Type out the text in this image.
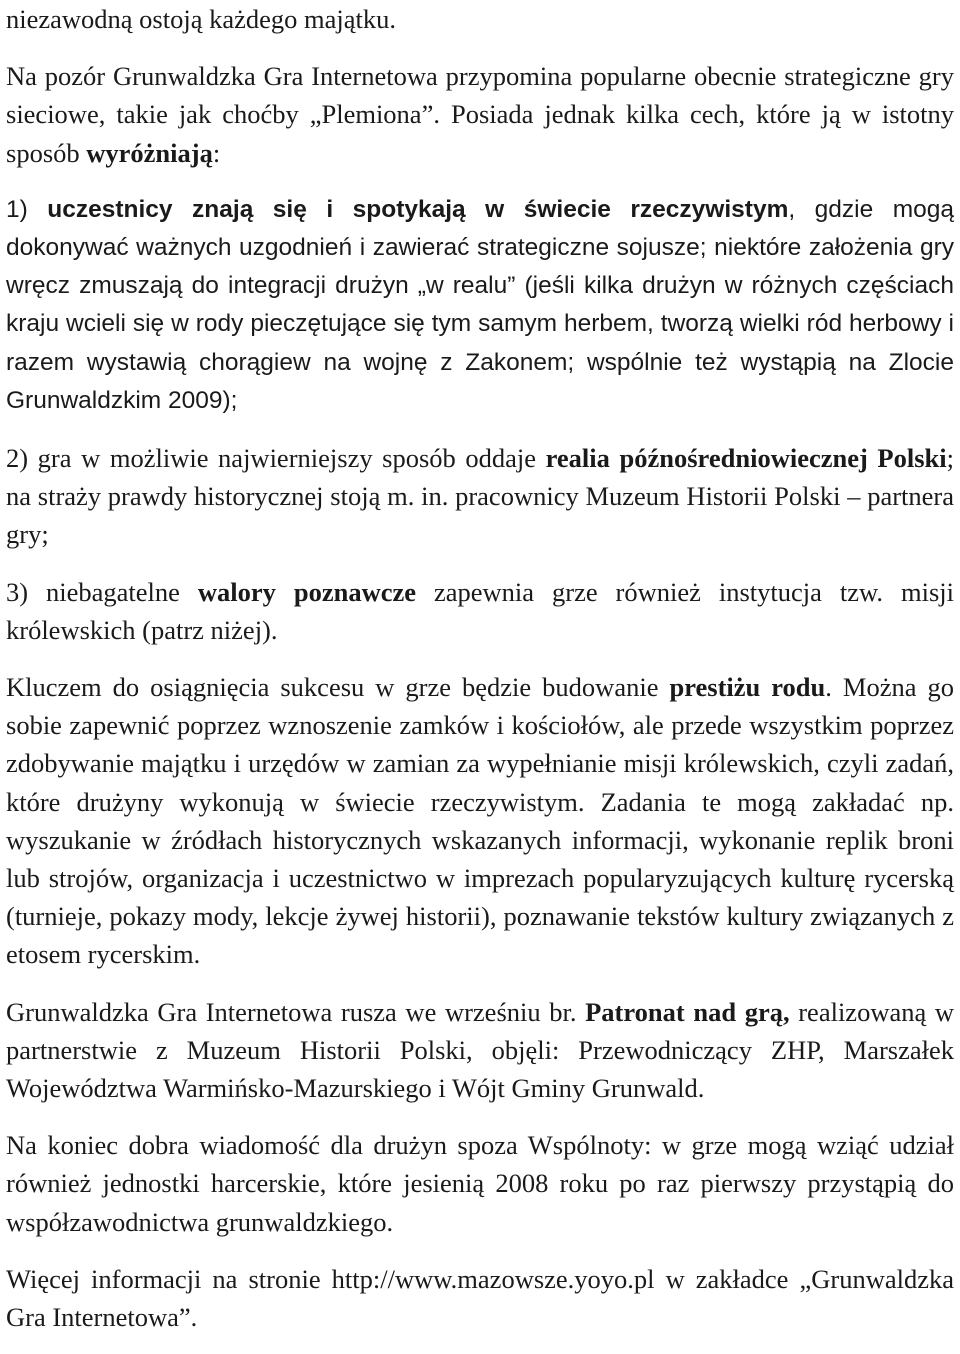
niezawodną ostoją każdego majątku.

Na pozór Grunwaldzka Gra Internetowa przypomina popularne obecnie strategiczne gry sieciowe, takie jak choćby „Plemiona”. Posiada jednak kilka cech, które ją w istotny sposób wyróżniają:

1) uczestnicy znają się i spotykają w świecie rzeczywistym, gdzie mogą dokonywać ważnych uzgodnień i zawierać strategiczne sojusze; niektóre założenia gry wręcz zmuszają do integracji drużyn „w realu” (jeśli kilka drużyn w różnych częściach kraju wcieli się w rody pieczętujące się tym samym herbem, tworzą wielki ród herbowy i razem wystawią chorągiew na wojnę z Zakonem; wspólnie też wystąpią na Zlocie Grunwaldzkim 2009);

2) gra w możliwie najwierniejszy sposób oddaje realia późnośredniowiecznej Polski; na straży prawdy historycznej stoją m. in. pracownicy Muzeum Historii Polski – partnera gry;

3) niebagatelne walory poznawcze zapewnia grze również instytucja tzw. misji królewskich (patrz niżej).

Kluczem do osiągnięcia sukcesu w grze będzie budowanie prestiżu rodu. Można go sobie zapewnić poprzez wznoszenie zamków i kościołów, ale przede wszystkim poprzez zdobywanie majątku i urzędów w zamian za wypełnianie misji królewskich, czyli zadań, które drużyny wykonują w świecie rzeczywistym. Zadania te mogą zakładać np. wyszukanie w źródłach historycznych wskazanych informacji, wykonanie replik broni lub strojów, organizacja i uczestnictwo w imprezach popularyzujących kulturę rycerską (turnieje, pokazy mody, lekcje żywej historii), poznawanie tekstów kultury związanych z etosem rycerskim.

Grunwaldzka Gra Internetowa rusza we wrześniu br. Patronat nad grą, realizowaną w partnerstwie z Muzeum Historii Polski, objęli: Przewodniczący ZHP, Marszałek Województwa Warmińsko-Mazurskiego i Wójt Gminy Grunwald.

Na koniec dobra wiadomość dla drużyn spoza Wspólnoty: w grze mogą wziąć udział również jednostki harcerskie, które jesienią 2008 roku po raz pierwszy przystąpią do współzawodnictwa grunwaldzkiego.

Więcej informacji na stronie http://www.mazowsze.yoyo.pl w zakładce „Grunwaldzka Gra Internetowa”.
